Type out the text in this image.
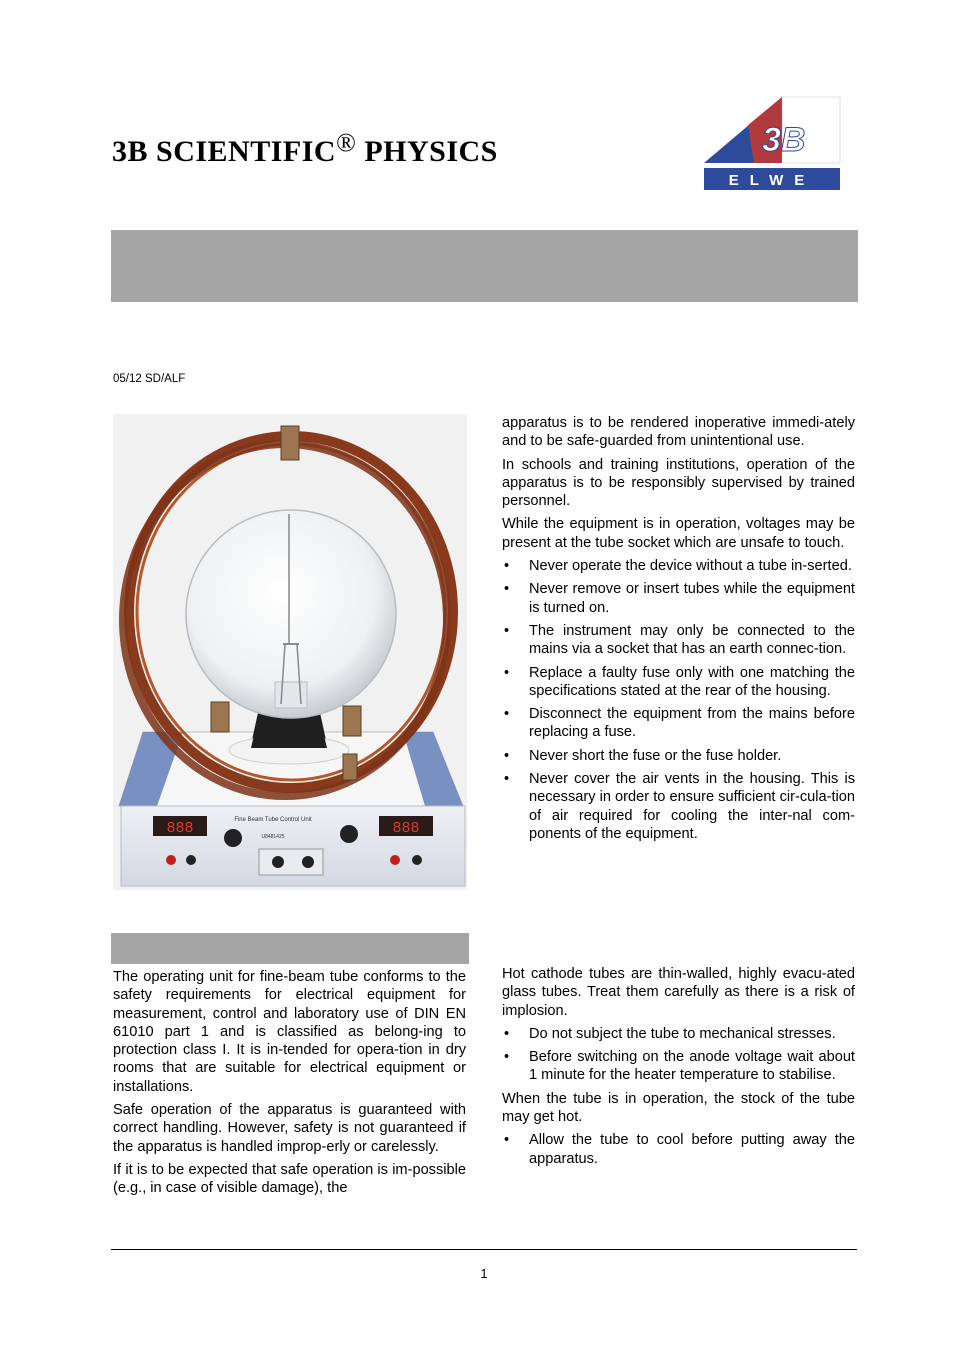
3B SCIENTIFIC® PHYSICS	3B
ELWE
05/12 SD/ALF
888	888
Fine Beam Tube Control Unit
U8481425

The operating unit for fine-beam tube conforms to the safety requirements for electrical equipment for measurement, control and laboratory use of DIN EN 61010 part 1 and is classified as belong-ing to protection class I. It is in-tended for opera-tion in dry rooms that are suitable for electrical equipment or installations.

Safe operation of the apparatus is guaranteed with correct handling. However, safety is not guaranteed if the apparatus is handled improp-erly or carelessly.

If it is to be expected that safe operation is im-possible (e.g., in case of visible damage), the

apparatus is to be rendered inoperative immedi-ately and to be safe-guarded from unintentional use.

In schools and training institutions, operation of the apparatus is to be responsibly supervised by trained personnel.

While the equipment is in operation, voltages may be present at the tube socket which are unsafe to touch.

• Never operate the device without a tube in-serted.
• Never remove or insert tubes while the equipment is turned on.
• The instrument may only be connected to the mains via a socket that has an earth connec-tion.
• Replace a faulty fuse only with one matching the specifications stated at the rear of the housing.
• Disconnect the equipment from the mains before replacing a fuse.
• Never short the fuse or the fuse holder.
• Never cover the air vents in the housing. This is necessary in order to ensure sufficient cir-cula-tion of air required for cooling the inter-nal com-ponents of the equipment.

Hot cathode tubes are thin-walled, highly evacu-ated glass tubes. Treat them carefully as there is a risk of implosion.

• Do not subject the tube to mechanical stresses.
• Before switching on the anode voltage wait about 1 minute for the heater temperature to stabilise.

When the tube is in operation, the stock of the tube may get hot.

• Allow the tube to cool before putting away the apparatus.
1
